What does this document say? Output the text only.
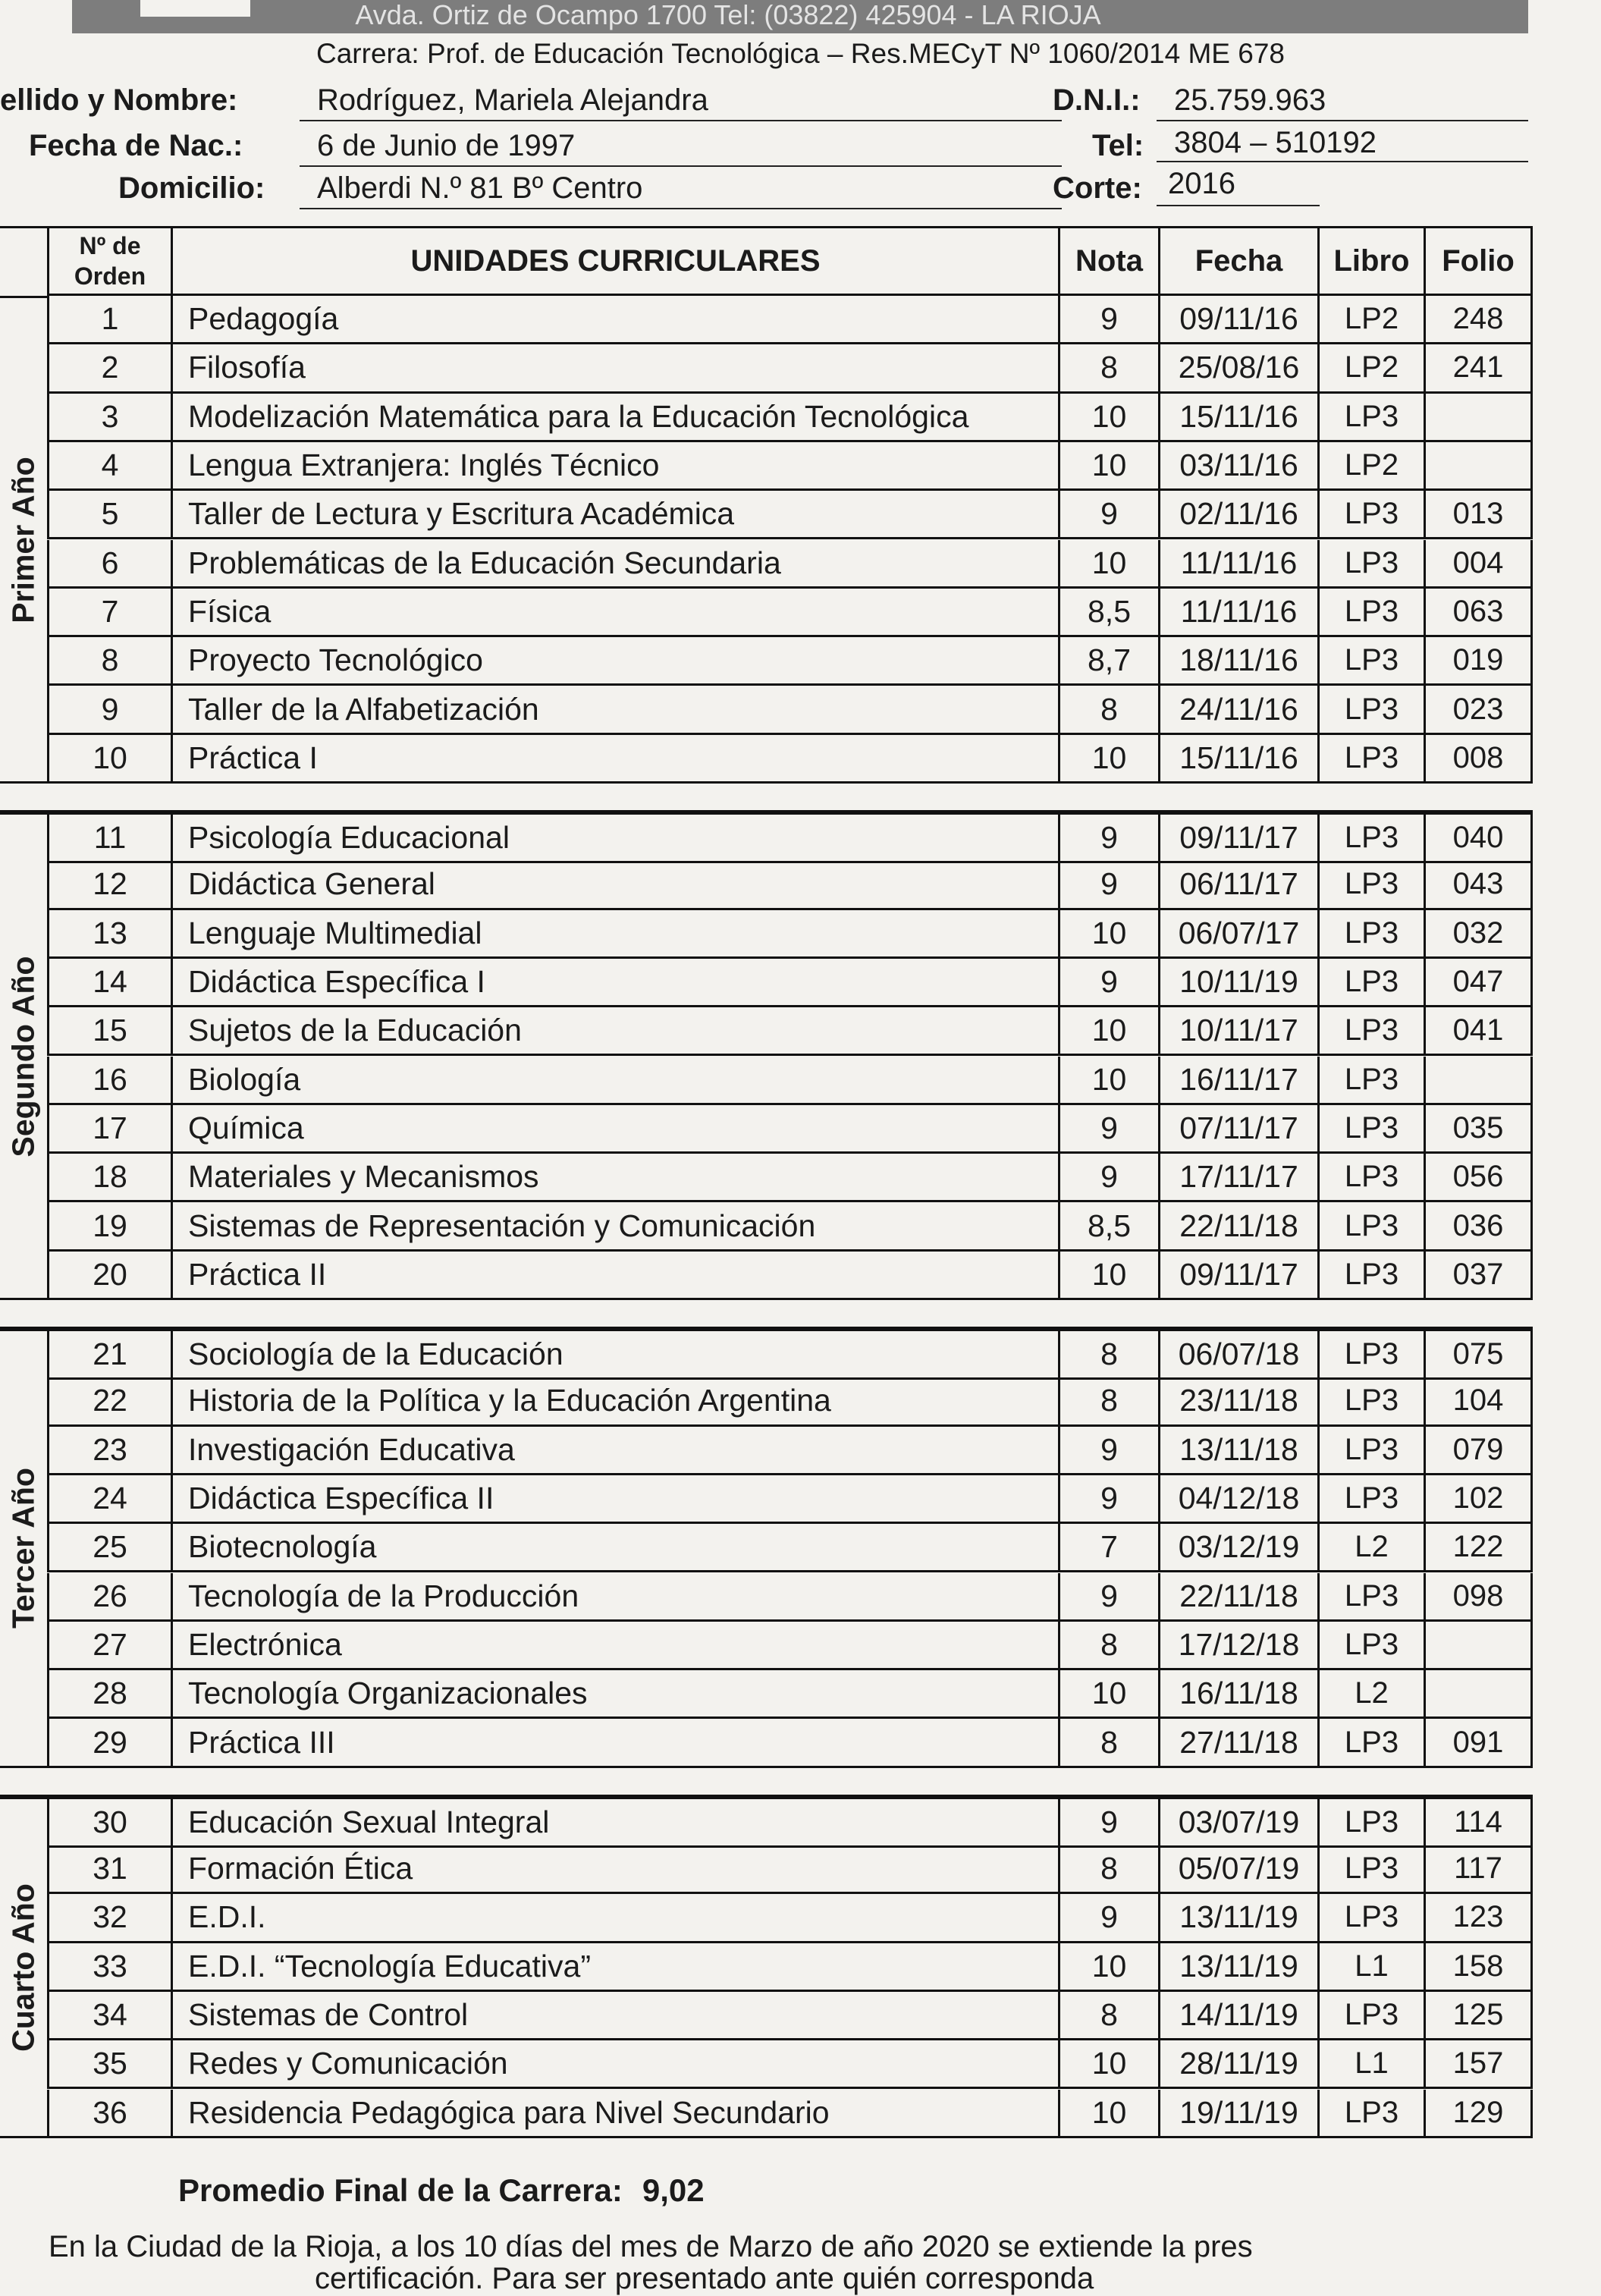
Avda. Ortiz de Ocampo 1700 Tel: (03822) 425904 - LA RIOJA
Carrera: Prof. de Educación Tecnológica – Res.MECyT Nº 1060/2014 ME 678
ellido y Nombre:	Rodríguez, Mariela Alejandra	D.N.I.: 25.759.963
Fecha de Nac.: 6 de Junio de 1997	Tel: 3804 – 510192
Domicilio: Alberdi N.º 81 Bº Centro	Corte: 2016
Promedio Final de la Carrera: 9,02
En la Ciudad de la Rioja, a los 10 días del mes de Marzo de año 2020 se extiende la pres
certificación. Para ser presentado ante quién corresponda
Nº de
Orden	UNIDADES CURRICULARES	Nota Fecha Libro Folio
1 Pedagogía	9 09/11/16 LP2 248
2 Filosofía	8 25/08/16 LP2 241
3 Modelización Matemática para la Educación Tecnológica	10 15/11/16 LP3
4 Lengua Extranjera: Inglés Técnico	10 03/11/16 LP2
5 Taller de Lectura y Escritura Académica	9 02/11/16 LP3 013
6 Problemáticas de la Educación Secundaria	10 11/11/16 LP3 004
7 Física	8,5 11/11/16 LP3 063
8 Proyecto Tecnológico	8,7 18/11/16 LP3 019
9 Taller de la Alfabetización	8 24/11/16 LP3 023
10 Práctica I	10 15/11/16 LP3 008
Primer Año
11 Psicología Educacional	9 09/11/17 LP3 040
12 Didáctica General	9 06/11/17 LP3 043
13 Lenguaje Multimedial	10 06/07/17 LP3 032
14 Didáctica Específica I	9 10/11/19 LP3 047
15 Sujetos de la Educación	10 10/11/17 LP3 041
16 Biología	10 16/11/17 LP3
17 Química	9 07/11/17 LP3 035
18 Materiales y Mecanismos	9 17/11/17 LP3 056
19 Sistemas de Representación y Comunicación	8,5 22/11/18 LP3 036
20 Práctica II	10 09/11/17 LP3 037
Segundo Año
21 Sociología de la Educación	8 06/07/18 LP3 075
22 Historia de la Política y la Educación Argentina	8 23/11/18 LP3 104
23 Investigación Educativa	9 13/11/18 LP3 079
24 Didáctica Específica II	9 04/12/18 LP3 102
25 Biotecnología	7 03/12/19 L2 122
26 Tecnología de la Producción	9 22/11/18 LP3 098
27 Electrónica	8 17/12/18 LP3
28 Tecnología Organizacionales	10 16/11/18 L2
29 Práctica III	8 27/11/18 LP3 091
Tercer Año
30 Educación Sexual Integral	9 03/07/19 LP3 114
31 Formación Ética	8 05/07/19 LP3 117
32 E.D.I.	9 13/11/19 LP3 123
33 E.D.I. “Tecnología Educativa”	10 13/11/19 L1 158
34 Sistemas de Control	8 14/11/19 LP3 125
35 Redes y Comunicación	10 28/11/19 L1 157
36 Residencia Pedagógica para Nivel Secundario	10 19/11/19 LP3 129
Cuarto Año
